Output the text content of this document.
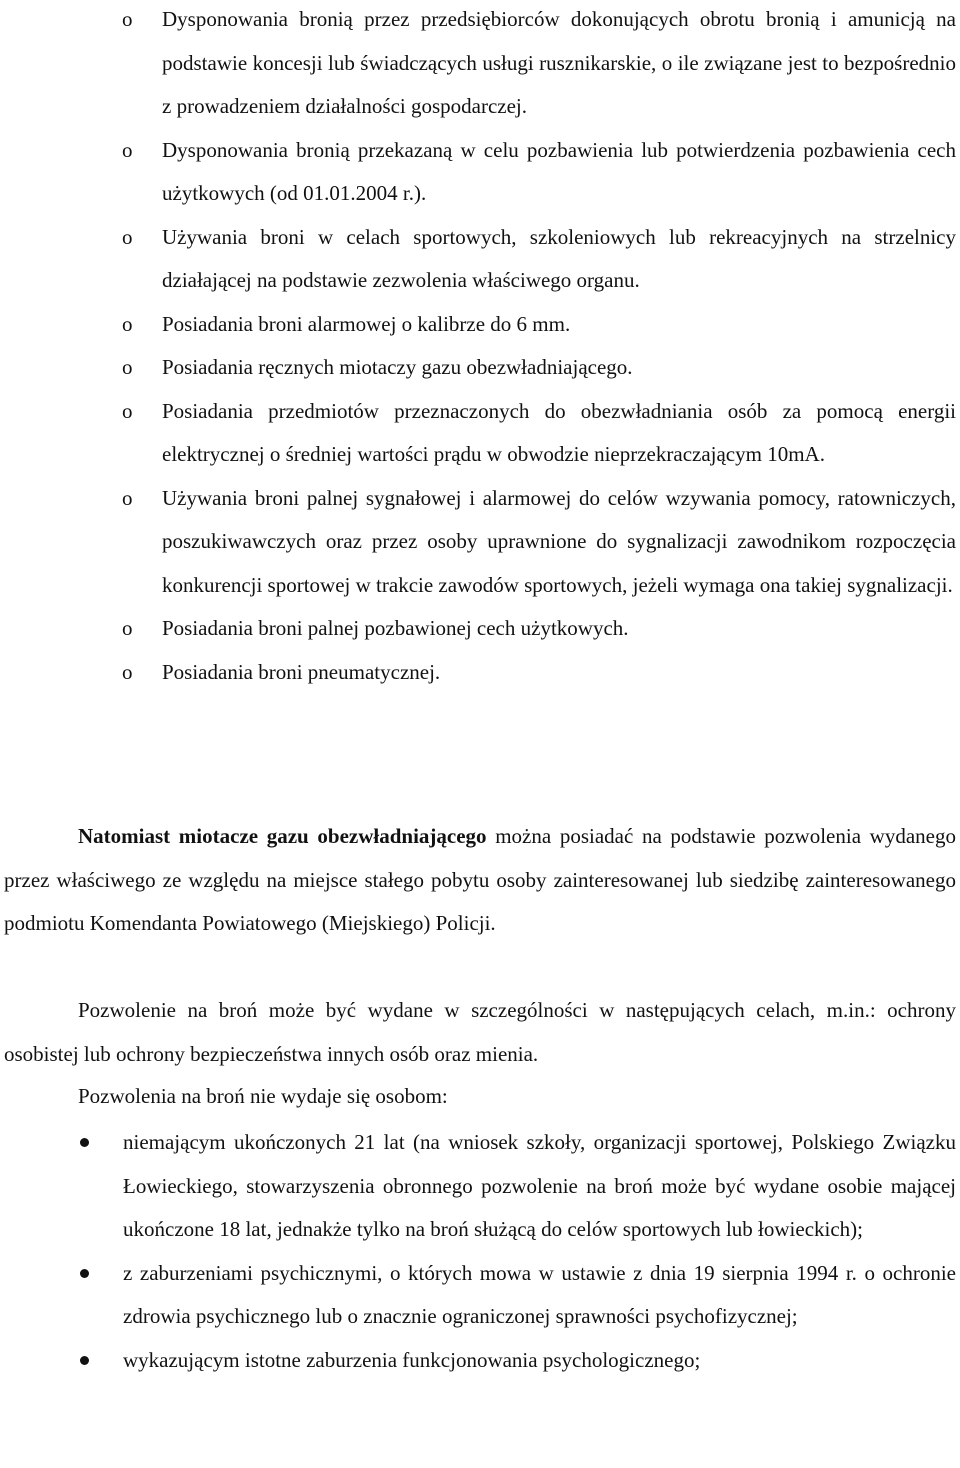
o Dysponowania bronią przez przedsiębiorców dokonujących obrotu bronią i amunicją na podstawie koncesji lub świadczących usługi rusznikarskie, o ile związane jest to bezpośrednio z prowadzeniem działalności gospodarczej.
o Dysponowania bronią przekazaną w celu pozbawienia lub potwierdzenia pozbawienia cech użytkowych (od 01.01.2004 r.).
o Używania broni w celach sportowych, szkoleniowych lub rekreacyjnych na strzelnicy działającej na podstawie zezwolenia właściwego organu.
o Posiadania broni alarmowej o kalibrze do 6 mm.
o Posiadania ręcznych miotaczy gazu obezwładniającego.
o Posiadania przedmiotów przeznaczonych do obezwładniania osób za pomocą energii elektrycznej o średniej wartości prądu w obwodzie nieprzekraczającym 10mA.
o Używania broni palnej sygnałowej i alarmowej do celów wzywania pomocy, ratowniczych, poszukiwawczych oraz przez osoby uprawnione do sygnalizacji zawodnikom rozpoczęcia konkurencji sportowej w trakcie zawodów sportowych, jeżeli wymaga ona takiej sygnalizacji.
o Posiadania broni palnej pozbawionej cech użytkowych.
o Posiadania broni pneumatycznej.

Natomiast miotacze gazu obezwładniającego można posiadać na podstawie pozwolenia wydanego przez właściwego ze względu na miejsce stałego pobytu osoby zainteresowanej lub siedzibę zainteresowanego podmiotu Komendanta Powiatowego (Miejskiego) Policji.

Pozwolenie na broń może być wydane w szczególności w następujących celach, m.in.: ochrony osobistej lub ochrony bezpieczeństwa innych osób oraz mienia.

Pozwolenia na broń nie wydaje się osobom:

niemającym ukończonych 21 lat (na wniosek szkoły, organizacji sportowej, Polskiego Związku Łowieckiego, stowarzyszenia obronnego pozwolenie na broń może być wydane osobie mającej ukończone 18 lat, jednakże tylko na broń służącą do celów sportowych lub łowieckich);
z zaburzeniami psychicznymi, o których mowa w ustawie z dnia 19 sierpnia 1994 r. o ochronie zdrowia psychicznego lub o znacznie ograniczonej sprawności psychofizycznej;
wykazującym istotne zaburzenia funkcjonowania psychologicznego;
